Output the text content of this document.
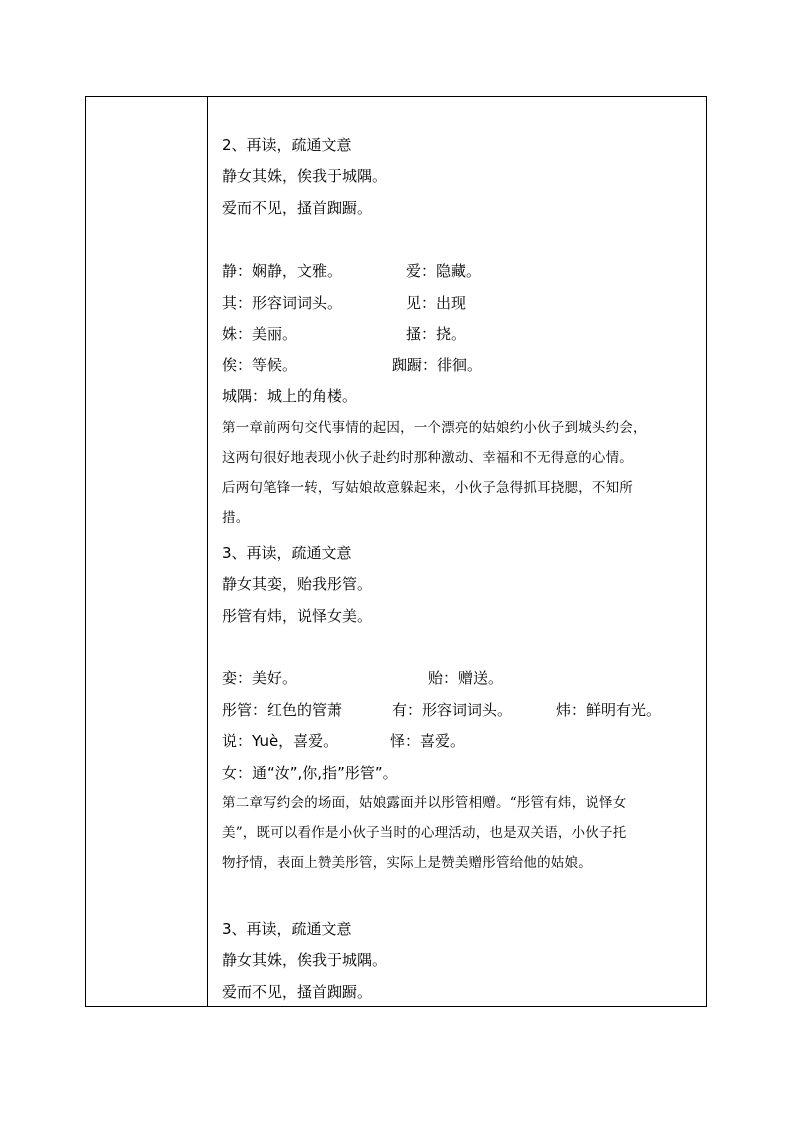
2、再读，疏通文意
静女其姝，俟我于城隅。
爱而不见，搔首踟蹰。
静：娴静，文雅。	爱：隐藏。
其：形容词词头。	见：出现
姝：美丽。	搔：挠。
俟：等候。	踟蹰：徘徊。
城隅：城上的角楼。
第一章前两句交代事情的起因，一个漂亮的姑娘约小伙子到城头约会，
这两句很好地表现小伙子赴约时那种激动、幸福和不无得意的心情。
后两句笔锋一转，写姑娘故意躲起来，小伙子急得抓耳挠腮，不知所
措。
3、再读，疏通文意
静女其娈，贻我彤管。
彤管有炜，说怿女美。
娈：美好。	贻：赠送。
彤管：红色的管萧	有：形容词词头。	炜：鲜明有光。
说：Yuè，喜爱。	怿：喜爱。
女：通“汝”,你,指”彤管”。
第二章写约会的场面，姑娘露面并以彤管相赠。“彤管有炜，说怿女
美”，既可以看作是小伙子当时的心理活动，也是双关语，小伙子托
物抒情，表面上赞美彤管，实际上是赞美赠彤管给他的姑娘。
3、再读，疏通文意
静女其姝，俟我于城隅。
爱而不见，搔首踟蹰。
